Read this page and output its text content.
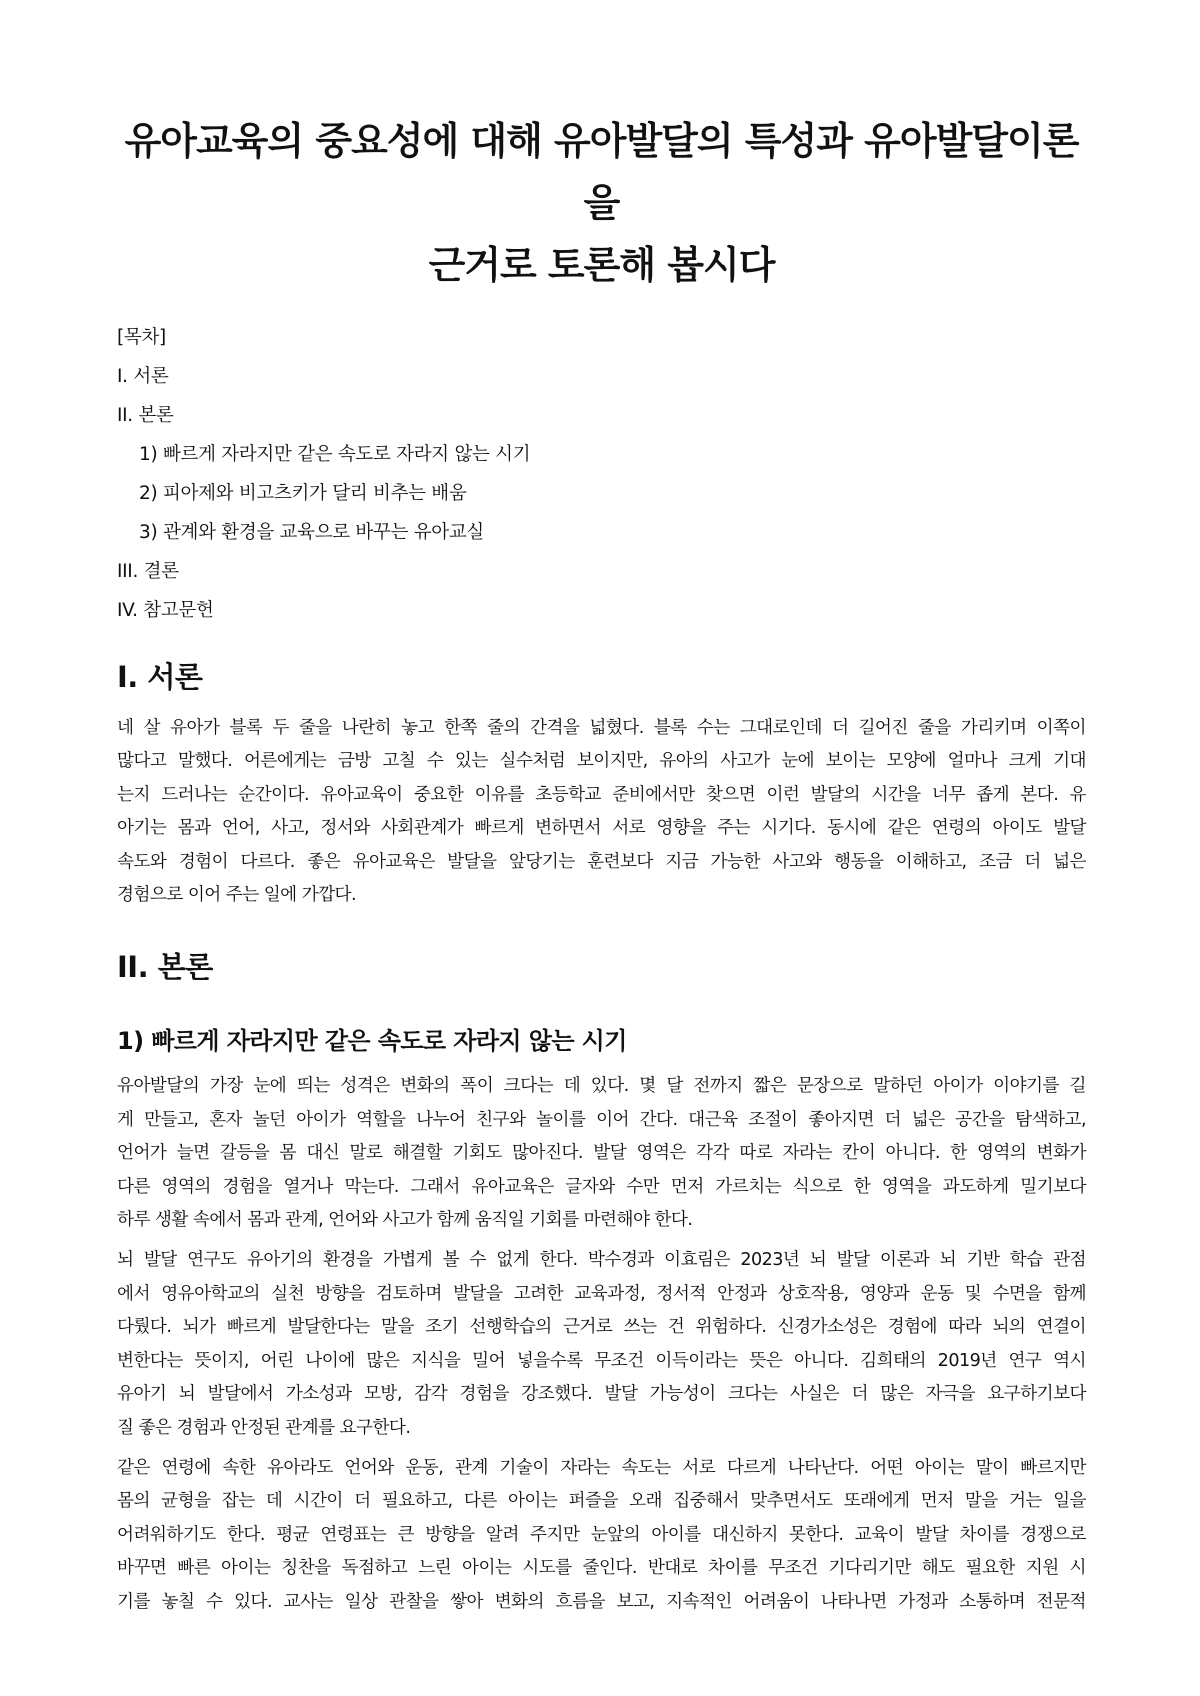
유아교육의 중요성에 대해 유아발달의 특성과 유아발달이론을
근거로 토론해 봅시다
[목차]
I. 서론
II. 본론
1) 빠르게 자라지만 같은 속도로 자라지 않는 시기
2) 피아제와 비고츠키가 달리 비추는 배움
3) 관계와 환경을 교육으로 바꾸는 유아교실
III. 결론
IV. 참고문헌
I. 서론

네 살 유아가 블록 두 줄을 나란히 놓고 한쪽 줄의 간격을 넓혔다. 블록 수는 그대로인데 더 길어진 줄을 가리키며 이쪽이
많다고 말했다. 어른에게는 금방 고칠 수 있는 실수처럼 보이지만, 유아의 사고가 눈에 보이는 모양에 얼마나 크게 기대
는지 드러나는 순간이다. 유아교육이 중요한 이유를 초등학교 준비에서만 찾으면 이런 발달의 시간을 너무 좁게 본다. 유
아기는 몸과 언어, 사고, 정서와 사회관계가 빠르게 변하면서 서로 영향을 주는 시기다. 동시에 같은 연령의 아이도 발달
속도와 경험이 다르다. 좋은 유아교육은 발달을 앞당기는 훈련보다 지금 가능한 사고와 행동을 이해하고, 조금 더 넓은
경험으로 이어 주는 일에 가깝다.

II. 본론
1) 빠르게 자라지만 같은 속도로 자라지 않는 시기

유아발달의 가장 눈에 띄는 성격은 변화의 폭이 크다는 데 있다. 몇 달 전까지 짧은 문장으로 말하던 아이가 이야기를 길
게 만들고, 혼자 놀던 아이가 역할을 나누어 친구와 놀이를 이어 간다. 대근육 조절이 좋아지면 더 넓은 공간을 탐색하고,
언어가 늘면 갈등을 몸 대신 말로 해결할 기회도 많아진다. 발달 영역은 각각 따로 자라는 칸이 아니다. 한 영역의 변화가
다른 영역의 경험을 열거나 막는다. 그래서 유아교육은 글자와 수만 먼저 가르치는 식으로 한 영역을 과도하게 밀기보다
하루 생활 속에서 몸과 관계, 언어와 사고가 함께 움직일 기회를 마련해야 한다.

뇌 발달 연구도 유아기의 환경을 가볍게 볼 수 없게 한다. 박수경과 이효림은 2023년 뇌 발달 이론과 뇌 기반 학습 관점
에서 영유아학교의 실천 방향을 검토하며 발달을 고려한 교육과정, 정서적 안정과 상호작용, 영양과 운동 및 수면을 함께
다뤘다. 뇌가 빠르게 발달한다는 말을 조기 선행학습의 근거로 쓰는 건 위험하다. 신경가소성은 경험에 따라 뇌의 연결이
변한다는 뜻이지, 어린 나이에 많은 지식을 밀어 넣을수록 무조건 이득이라는 뜻은 아니다. 김희태의 2019년 연구 역시
유아기 뇌 발달에서 가소성과 모방, 감각 경험을 강조했다. 발달 가능성이 크다는 사실은 더 많은 자극을 요구하기보다
질 좋은 경험과 안정된 관계를 요구한다.

같은 연령에 속한 유아라도 언어와 운동, 관계 기술이 자라는 속도는 서로 다르게 나타난다. 어떤 아이는 말이 빠르지만
몸의 균형을 잡는 데 시간이 더 필요하고, 다른 아이는 퍼즐을 오래 집중해서 맞추면서도 또래에게 먼저 말을 거는 일을
어려워하기도 한다. 평균 연령표는 큰 방향을 알려 주지만 눈앞의 아이를 대신하지 못한다. 교육이 발달 차이를 경쟁으로
바꾸면 빠른 아이는 칭찬을 독점하고 느린 아이는 시도를 줄인다. 반대로 차이를 무조건 기다리기만 해도 필요한 지원 시
기를 놓칠 수 있다. 교사는 일상 관찰을 쌓아 변화의 흐름을 보고, 지속적인 어려움이 나타나면 가정과 소통하며 전문적
